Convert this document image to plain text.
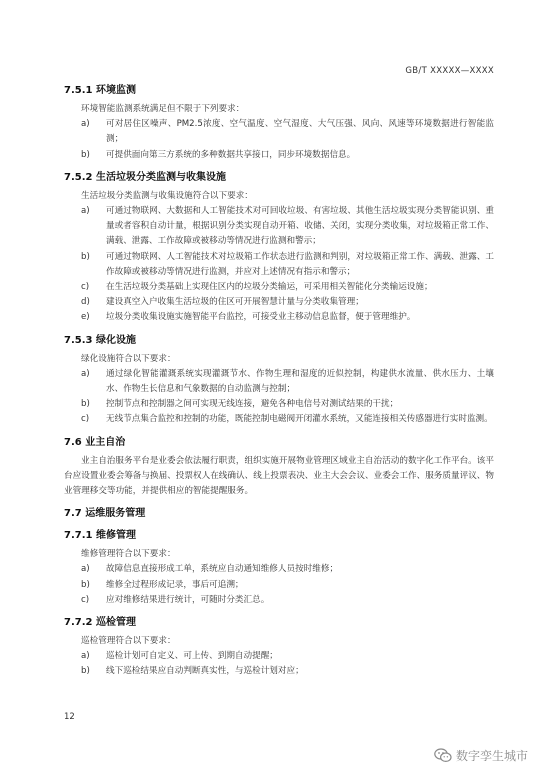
GB/T XXXXX—XXXX
7.5.1 环境监测
环境智能监测系统满足但不限于下列要求：
a)	可对居住区噪声、PM2.5浓度、空气温度、空气湿度、大气压强、风向、风速等环境数据进行智能监测；
b)	可提供面向第三方系统的多种数据共享接口，同步环境数据信息。
7.5.2 生活垃圾分类监测与收集设施
生活垃圾分类监测与收集设施符合以下要求：
a)	可通过物联网、大数据和人工智能技术对可回收垃圾、有害垃圾、其他生活垃圾实现分类智能识别、重量或者容积自动计量，根据识别分类实现自动开箱、收储、关闭，实现分类收集，对垃圾箱正常工作、满载、泄露、工作故障或被移动等情况进行监测和警示；
b)	可通过物联网、人工智能技术对垃圾箱工作状态进行监测和判别，对垃圾箱正常工作、满载、泄露、工作故障或被移动等情况进行监测，并应对上述情况有指示和警示；
c)	在生活垃圾分类基础上实现住区内的垃圾分类输运，可采用相关智能化分类输运设施；
d)	建设真空入户收集生活垃圾的住区可开展智慧计量与分类收集管理；
e)	垃圾分类收集设施实施智能平台监控，可接受业主移动信息监督，便于管理维护。
7.5.3 绿化设施
绿化设施符合以下要求：
a)	通过绿化智能灌溉系统实现灌溉节水、作物生理和湿度的近似控制，构建供水流量、供水压力、土壤水、作物生长信息和气象数据的自动监测与控制；
b)	控制节点和控制器之间可实现无线连接，避免各种电信号对测试结果的干扰；
c)	无线节点集合监控和控制的功能，既能控制电磁阀开闭灌水系统，又能连接相关传感器进行实时监测。
7.6 业主自治
业主自治服务平台是业委会依法履行职责，组织实施开展物业管理区域业主自治活动的数字化工作平台。该平台应设置业委会筹备与换届、投票权人在线确认、线上投票表决、业主大会会议、业委会工作、服务质量评议、物业管理移交等功能，并提供相应的智能提醒服务。
7.7 运维服务管理
7.7.1 维修管理
维修管理符合以下要求：
a)	故障信息直接形成工单，系统应自动通知维修人员按时维修；
b)	维修全过程形成记录，事后可追溯；
c)	应对维修结果进行统计，可随时分类汇总。
7.7.2 巡检管理
巡检管理符合以下要求：
a)	巡检计划可自定义、可上传、到期自动提醒；
b)	线下巡检结果应自动判断真实性，与巡检计划对应；
12
数字孪生城市
